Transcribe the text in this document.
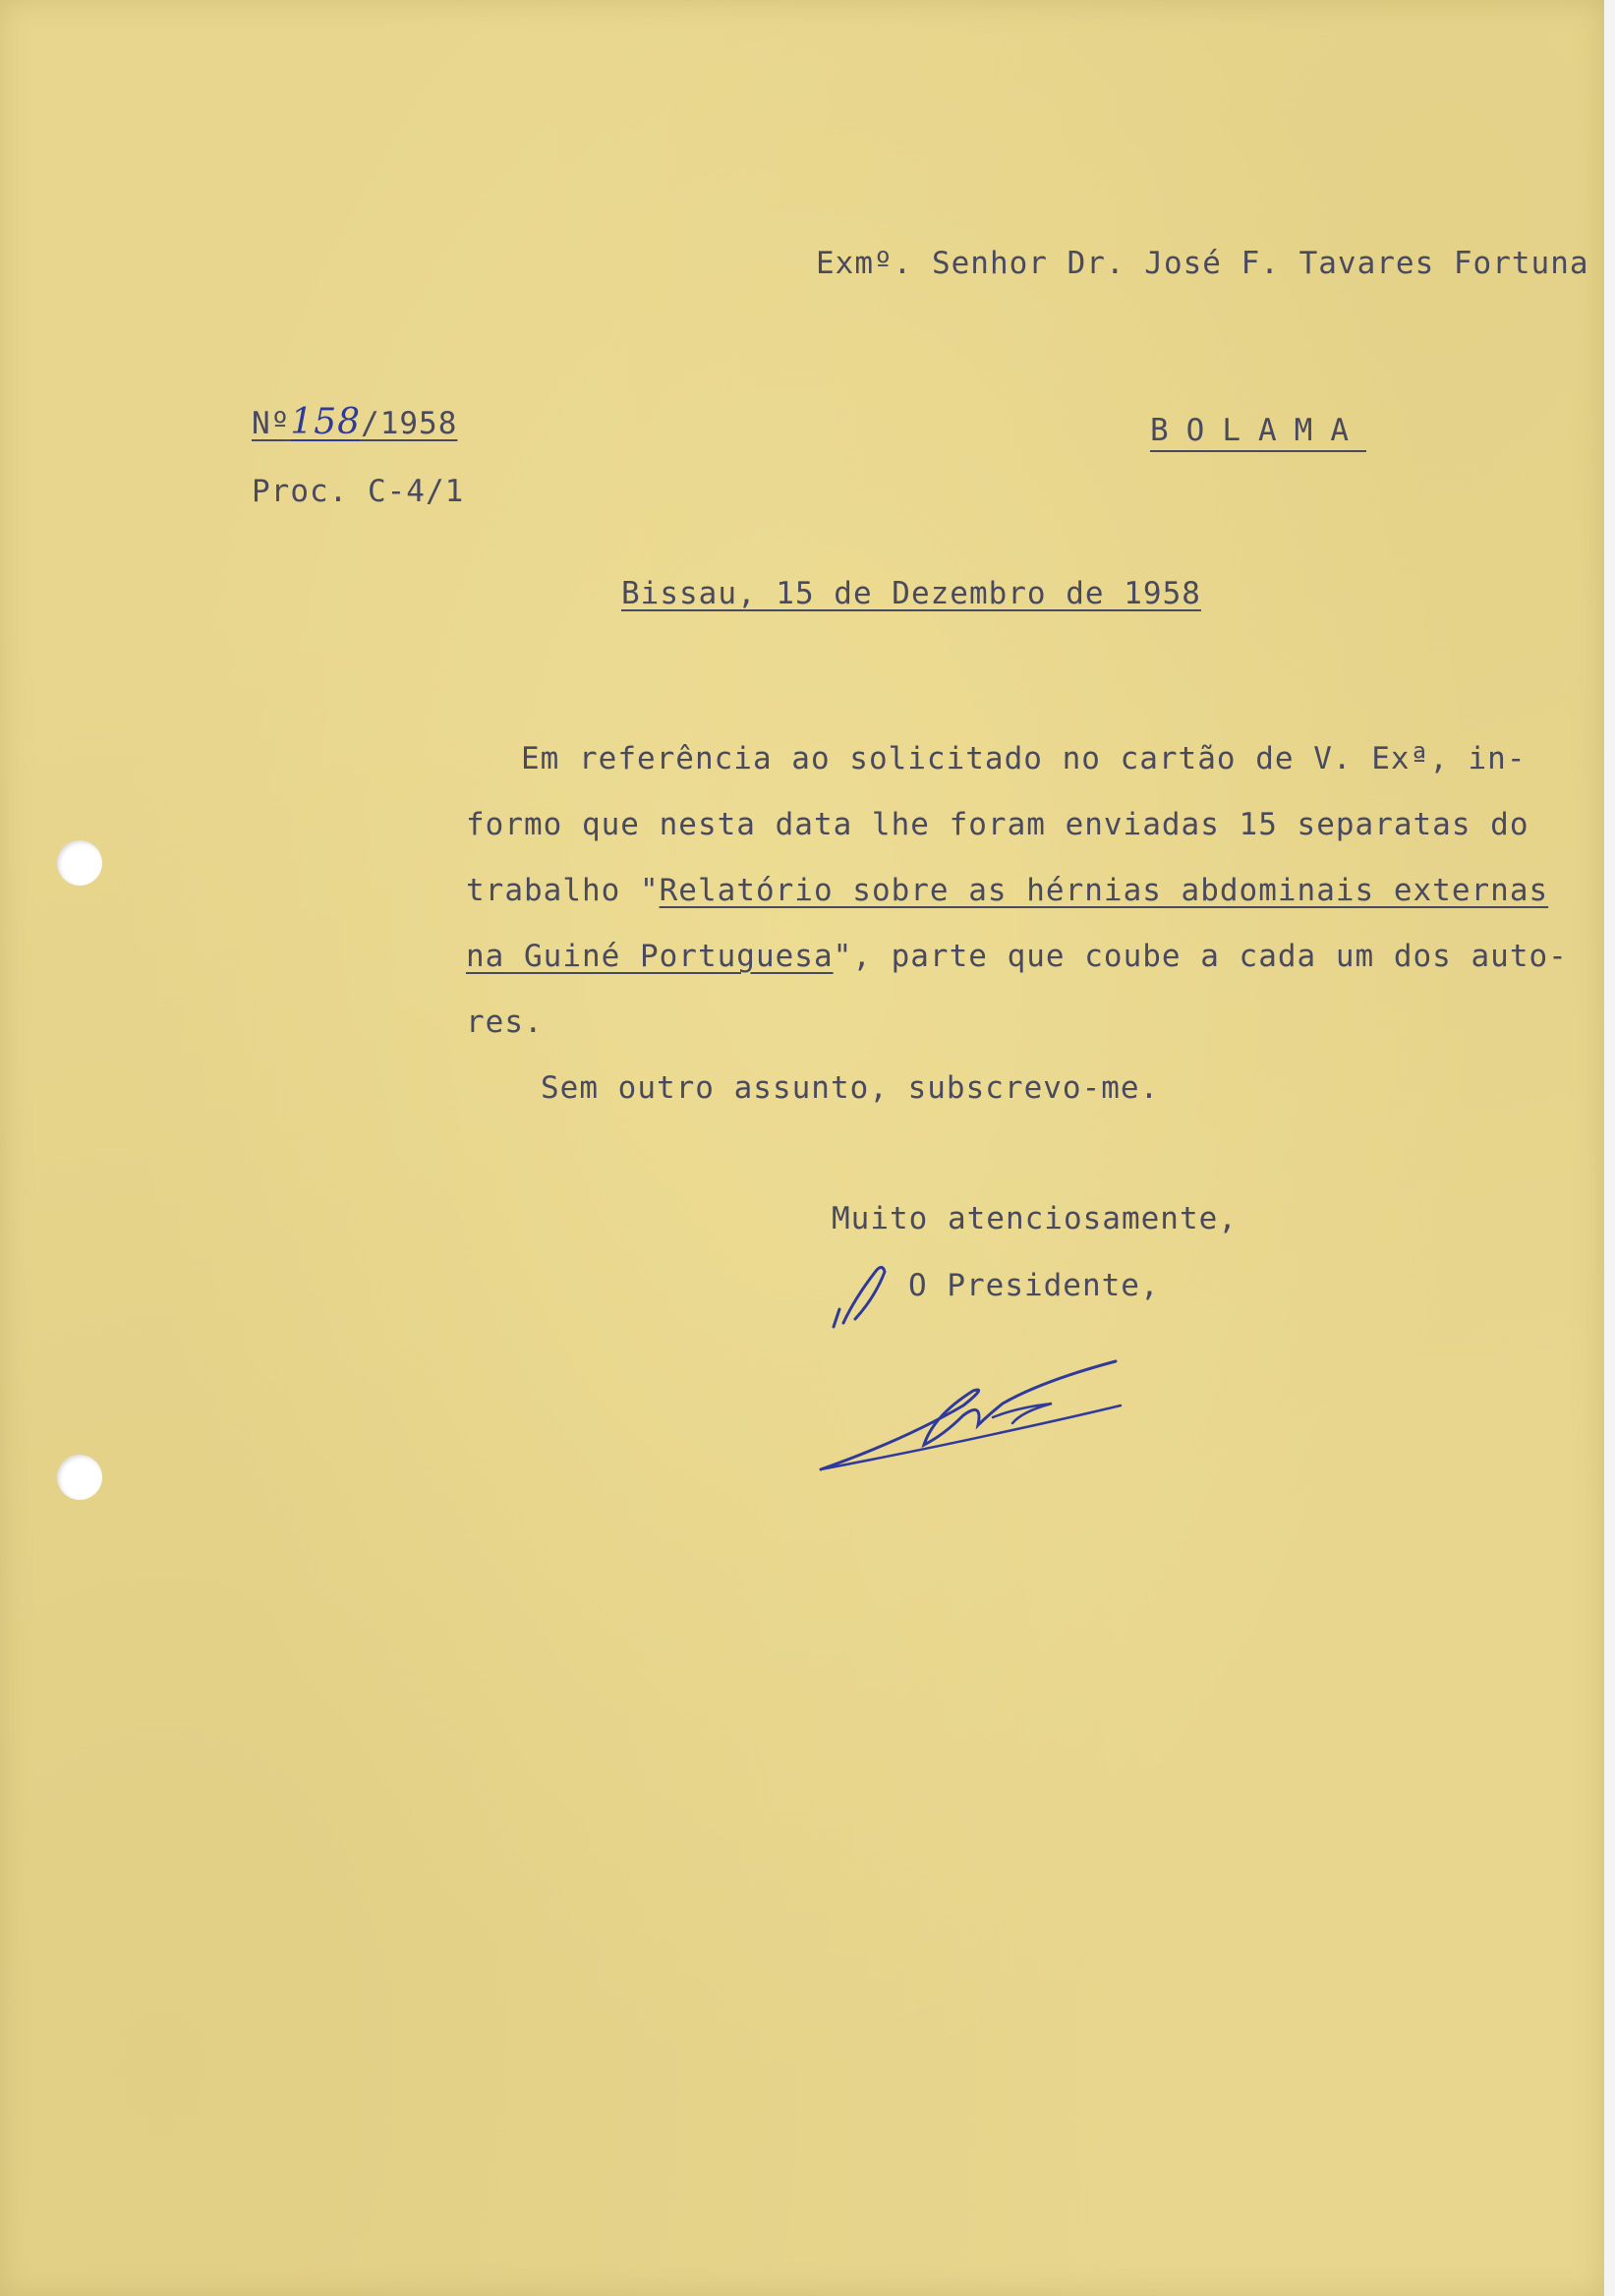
Exmº. Senhor Dr. José F. Tavares Fortuna
Nº158/1958	BOLAMA
Proc. C-4/1
Bissau, 15 de Dezembro de 1958
Em referência ao solicitado no cartão de V. Exª, in-
formo que nesta data lhe foram enviadas 15 separatas do
trabalho "Relatório sobre as hérnias abdominais externas
na Guiné Portuguesa", parte que coube a cada um dos auto-
res.
Sem outro assunto, subscrevo-me.
Muito atenciosamente,
O Presidente,
